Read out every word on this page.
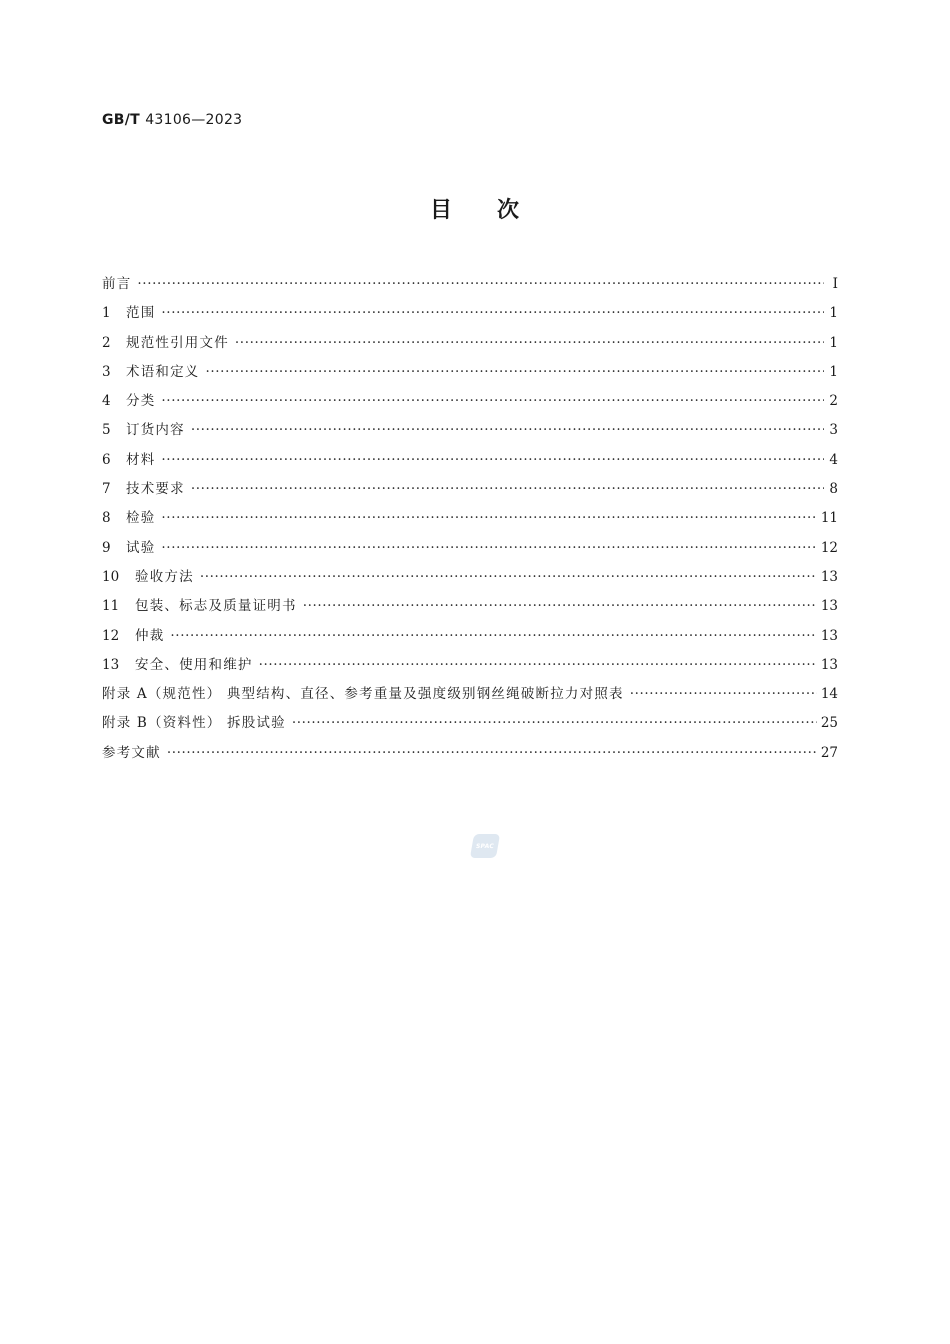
GB/T 43106—2023
目 次
前言 ·····	Ⅰ
1	范围 ·····	1
2	规范性引用文件 ·····	1
3	术语和定义 ·····	1
4	分类 ·····	2
5	订货内容 ·····	3
6	材料 ·····	4
7	技术要求 ·····	8
8	检验 ·····	11
9	试验 ·····	12
10	验收方法 ·····	13
11	包装、标志及质量证明书 ·····	13
12	仲裁 ·····	13
13	安全、使用和维护 ·····	13
附录 A（规范性） 典型结构、直径、参考重量及强度级别钢丝绳破断拉力对照表 ·····	14
附录 B（资料性） 拆股试验 ·····	25
参考文献 ·····	27
SPAC
